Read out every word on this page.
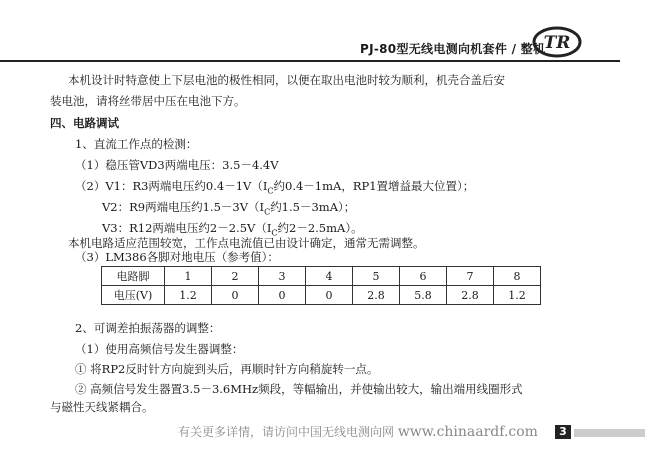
PJ-80型无线电测向机套件 / 整机
TR
本机设计时特意使上下层电池的极性相同，以便在取出电池时较为顺利，机壳合盖后安
装电池，请将丝带居中压在电池下方。
四、电路调试
1、直流工作点的检测：
（1）稳压管VD3两端电压：3.5－4.4V
（2）V1：R3两端电压约$0.4-1V(I_C$约0.4－1mA，RP1置增益最大位置）；
V2：R9两端电压约$1.5-3V(I_C$约1.5－3mA）；
V3：R12两端电压约$2-2.5V(I_C$约2－2.5mA）。
本机电路适应范围较宽，工作点电流值已由设计确定，通常无需调整。
（3）LM386各脚对地电压（参考值）：
电路脚	1	2	3	4	5	6	7	8
电压(V)	1.2	0	0	0	2.8	5.8	2.8	1.2
2、可调差拍振荡器的调整：
（1）使用高频信号发生器调整：
① 将RP2反时针方向旋到头后，再顺时针方向稍旋转一点。
② 高频信号发生器置3.5－3.6MHz频段，等幅输出，并使输出较大，输出端用线圈形式
与磁性天线紧耦合。
有关更多详情，请访问中国无线电测向网 www.chinaardf.com	3
